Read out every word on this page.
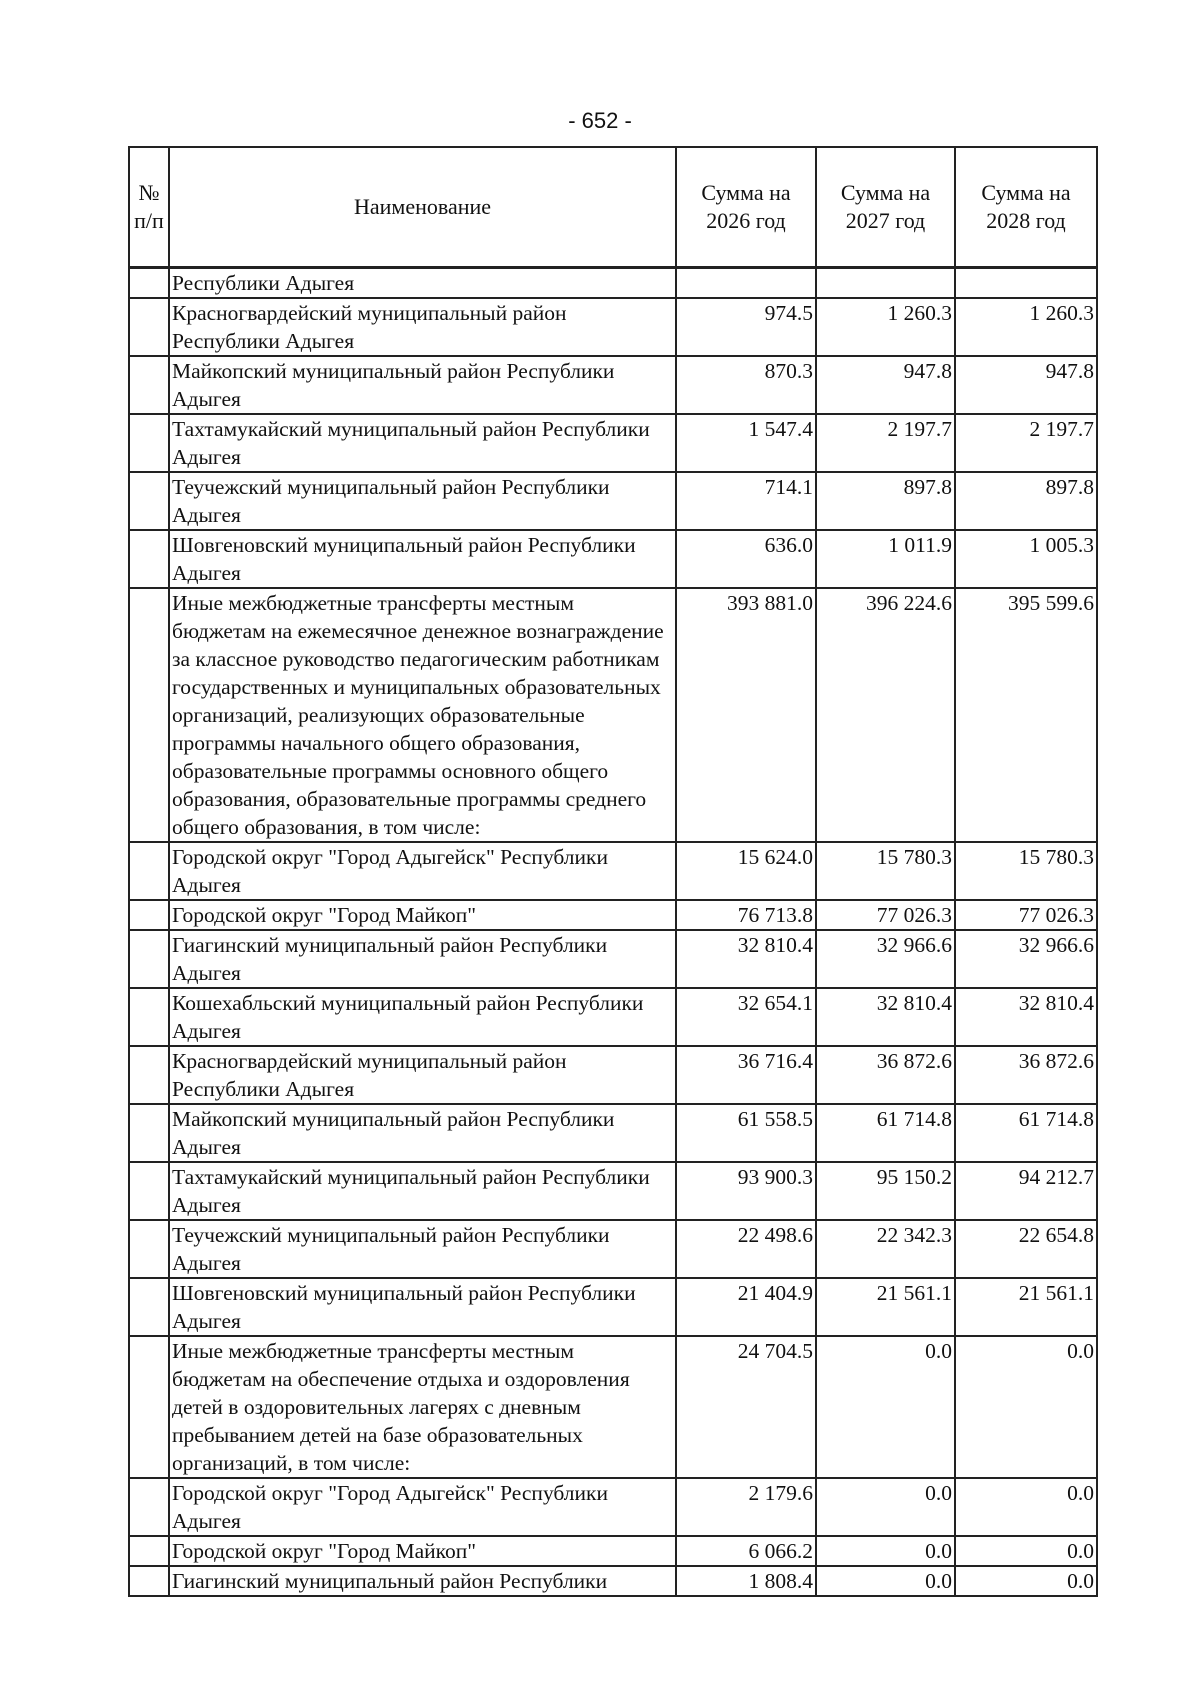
- 652 -
№ п/п	Наименование	Сумма на 2026 год	Сумма на 2027 год	Сумма на 2028 год
	Республики Адыгея			
	Красногвардейский муниципальный район Республики Адыгея	974.5	1 260.3	1 260.3
	Майкопский муниципальный район Республики Адыгея	870.3	947.8	947.8
	Тахтамукайский муниципальный район Республики Адыгея	1 547.4	2 197.7	2 197.7
	Теучежский муниципальный район Республики Адыгея	714.1	897.8	897.8
	Шовгеновский муниципальный район Республики Адыгея	636.0	1 011.9	1 005.3
	Иные межбюджетные трансферты местным бюджетам на ежемесячное денежное вознаграждение за классное руководство педагогическим работникам государственных и муниципальных образовательных организаций, реализующих образовательные программы начального общего образования, образовательные программы основного общего образования, образовательные программы среднего общего образования, в том числе:	393 881.0	396 224.6	395 599.6
	Городской округ "Город Адыгейск" Республики Адыгея	15 624.0	15 780.3	15 780.3
	Городской округ "Город Майкоп"	76 713.8	77 026.3	77 026.3
	Гиагинский муниципальный район Республики Адыгея	32 810.4	32 966.6	32 966.6
	Кошехабльский муниципальный район Республики Адыгея	32 654.1	32 810.4	32 810.4
	Красногвардейский муниципальный район Республики Адыгея	36 716.4	36 872.6	36 872.6
	Майкопский муниципальный район Республики Адыгея	61 558.5	61 714.8	61 714.8
	Тахтамукайский муниципальный район Республики Адыгея	93 900.3	95 150.2	94 212.7
	Теучежский муниципальный район Республики Адыгея	22 498.6	22 342.3	22 654.8
	Шовгеновский муниципальный район Республики Адыгея	21 404.9	21 561.1	21 561.1
	Иные межбюджетные трансферты местным бюджетам на обеспечение отдыха и оздоровления детей в оздоровительных лагерях с дневным пребыванием детей на базе образовательных организаций, в том числе:	24 704.5	0.0	0.0
	Городской округ "Город Адыгейск" Республики Адыгея	2 179.6	0.0	0.0
	Городской округ "Город Майкоп"	6 066.2	0.0	0.0
	Гиагинский муниципальный район Республики	1 808.4	0.0	0.0
